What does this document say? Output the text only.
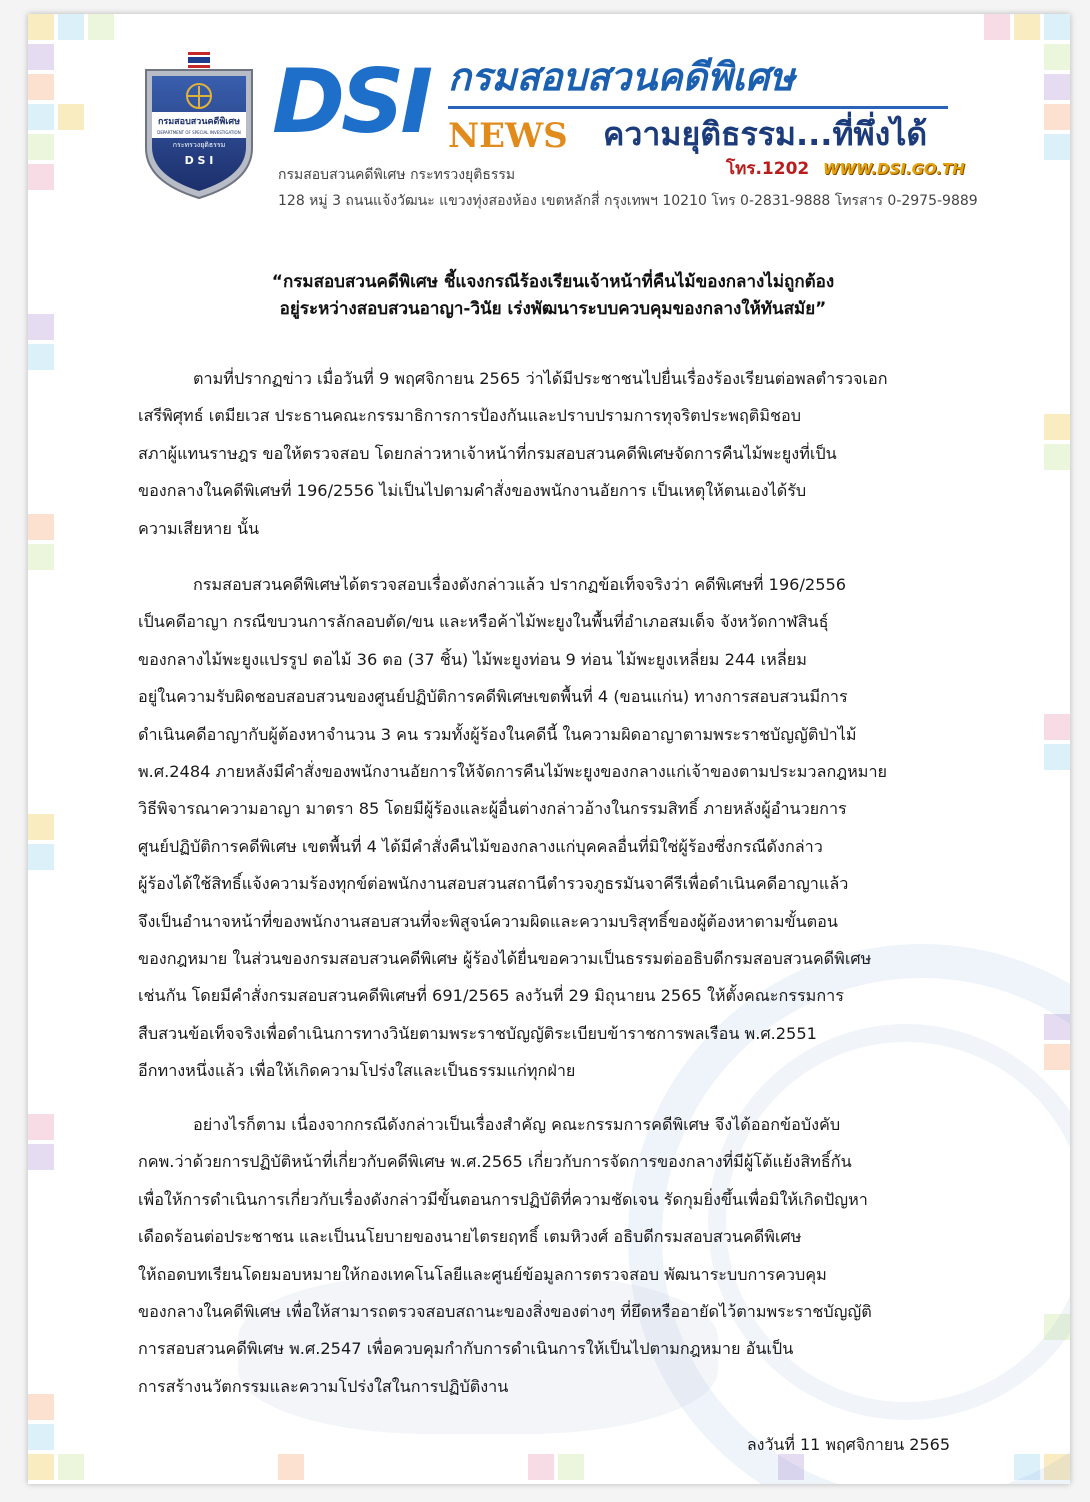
กรมสอบสวนคดีพิเศษ
DEPARTMENT OF SPECIAL INVESTIGATION
กระทรวงยุติธรรม
D S I
DSI กรมสอบสวนคดีพิเศษ
NEWS ความยุติธรรม...ที่พึ่งได้
โทร.1202 WWW.DSI.GO.TH
กรมสอบสวนคดีพิเศษ กระทรวงยุติธรรม
128 หมู่ 3 ถนนแจ้งวัฒนะ แขวงทุ่งสองห้อง เขตหลักสี่ กรุงเทพฯ 10210 โทร 0-2831-9888 โทรสาร 0-2975-9889
“กรมสอบสวนคดีพิเศษ ชี้แจงกรณีร้องเรียนเจ้าหน้าที่คืนไม้ของกลางไม่ถูกต้อง
อยู่ระหว่างสอบสวนอาญา-วินัย เร่งพัฒนาระบบควบคุมของกลางให้ทันสมัย”
ตามที่ปรากฏข่าว เมื่อวันที่ 9 พฤศจิกายน 2565 ว่าได้มีประชาชนไปยื่นเรื่องร้องเรียนต่อพลตำรวจเอก
เสรีพิศุทธ์ เตมียเวส ประธานคณะกรรมาธิการการป้องกันและปราบปรามการทุจริตประพฤติมิชอบ
สภาผู้แทนราษฎร ขอให้ตรวจสอบ โดยกล่าวหาเจ้าหน้าที่กรมสอบสวนคดีพิเศษจัดการคืนไม้พะยูงที่เป็น
ของกลางในคดีพิเศษที่ 196/2556 ไม่เป็นไปตามคำสั่งของพนักงานอัยการ เป็นเหตุให้ตนเองได้รับ
ความเสียหาย นั้น
กรมสอบสวนคดีพิเศษได้ตรวจสอบเรื่องดังกล่าวแล้ว ปรากฏข้อเท็จจริงว่า คดีพิเศษที่ 196/2556
เป็นคดีอาญา กรณีขบวนการลักลอบตัด/ขน และหรือค้าไม้พะยูงในพื้นที่อำเภอสมเด็จ จังหวัดกาฬสินธุ์
ของกลางไม้พะยูงแปรรูป ตอไม้ 36 ตอ (37 ชิ้น) ไม้พะยูงท่อน 9 ท่อน ไม้พะยูงเหลี่ยม 244 เหลี่ยม
อยู่ในความรับผิดชอบสอบสวนของศูนย์ปฏิบัติการคดีพิเศษเขตพื้นที่ 4 (ขอนแก่น) ทางการสอบสวนมีการ
ดำเนินคดีอาญากับผู้ต้องหาจำนวน 3 คน รวมทั้งผู้ร้องในคดีนี้ ในความผิดอาญาตามพระราชบัญญัติป่าไม้
พ.ศ.2484 ภายหลังมีคำสั่งของพนักงานอัยการให้จัดการคืนไม้พะยูงของกลางแก่เจ้าของตามประมวลกฎหมาย
วิธีพิจารณาความอาญา มาตรา 85 โดยมีผู้ร้องและผู้อื่นต่างกล่าวอ้างในกรรมสิทธิ์ ภายหลังผู้อำนวยการ
ศูนย์ปฏิบัติการคดีพิเศษ เขตพื้นที่ 4 ได้มีคำสั่งคืนไม้ของกลางแก่บุคคลอื่นที่มิใช่ผู้ร้องซึ่งกรณีดังกล่าว
ผู้ร้องได้ใช้สิทธิ์แจ้งความร้องทุกข์ต่อพนักงานสอบสวนสถานีตำรวจภูธรมันจาคีรีเพื่อดำเนินคดีอาญาแล้ว
จึงเป็นอำนาจหน้าที่ของพนักงานสอบสวนที่จะพิสูจน์ความผิดและความบริสุทธิ์ของผู้ต้องหาตามขั้นตอน
ของกฎหมาย ในส่วนของกรมสอบสวนคดีพิเศษ ผู้ร้องได้ยื่นขอความเป็นธรรมต่ออธิบดีกรมสอบสวนคดีพิเศษ
เช่นกัน โดยมีคำสั่งกรมสอบสวนคดีพิเศษที่ 691/2565 ลงวันที่ 29 มิถุนายน 2565 ให้ตั้งคณะกรรมการ
สืบสวนข้อเท็จจริงเพื่อดำเนินการทางวินัยตามพระราชบัญญัติระเบียบข้าราชการพลเรือน พ.ศ.2551
อีกทางหนึ่งแล้ว เพื่อให้เกิดความโปร่งใสและเป็นธรรมแก่ทุกฝ่าย
อย่างไรก็ตาม เนื่องจากกรณีดังกล่าวเป็นเรื่องสำคัญ คณะกรรมการคดีพิเศษ จึงได้ออกข้อบังคับ
กคพ.ว่าด้วยการปฏิบัติหน้าที่เกี่ยวกับคดีพิเศษ พ.ศ.2565 เกี่ยวกับการจัดการของกลางที่มีผู้โต้แย้งสิทธิ์กัน
เพื่อให้การดำเนินการเกี่ยวกับเรื่องดังกล่าวมีขั้นตอนการปฏิบัติที่ความชัดเจน รัดกุมยิ่งขึ้นเพื่อมิให้เกิดปัญหา
เดือดร้อนต่อประชาชน และเป็นนโยบายของนายไตรยฤทธิ์ เตมหิวงศ์ อธิบดีกรมสอบสวนคดีพิเศษ
ให้ถอดบทเรียนโดยมอบหมายให้กองเทคโนโลยีและศูนย์ข้อมูลการตรวจสอบ พัฒนาระบบการควบคุม
ของกลางในคดีพิเศษ เพื่อให้สามารถตรวจสอบสถานะของสิ่งของต่างๆ ที่ยึดหรืออายัดไว้ตามพระราชบัญญัติ
การสอบสวนคดีพิเศษ พ.ศ.2547 เพื่อควบคุมกำกับการดำเนินการให้เป็นไปตามกฎหมาย อันเป็น
การสร้างนวัตกรรมและความโปร่งใสในการปฏิบัติงาน
ลงวันที่ 11 พฤศจิกายน 2565
